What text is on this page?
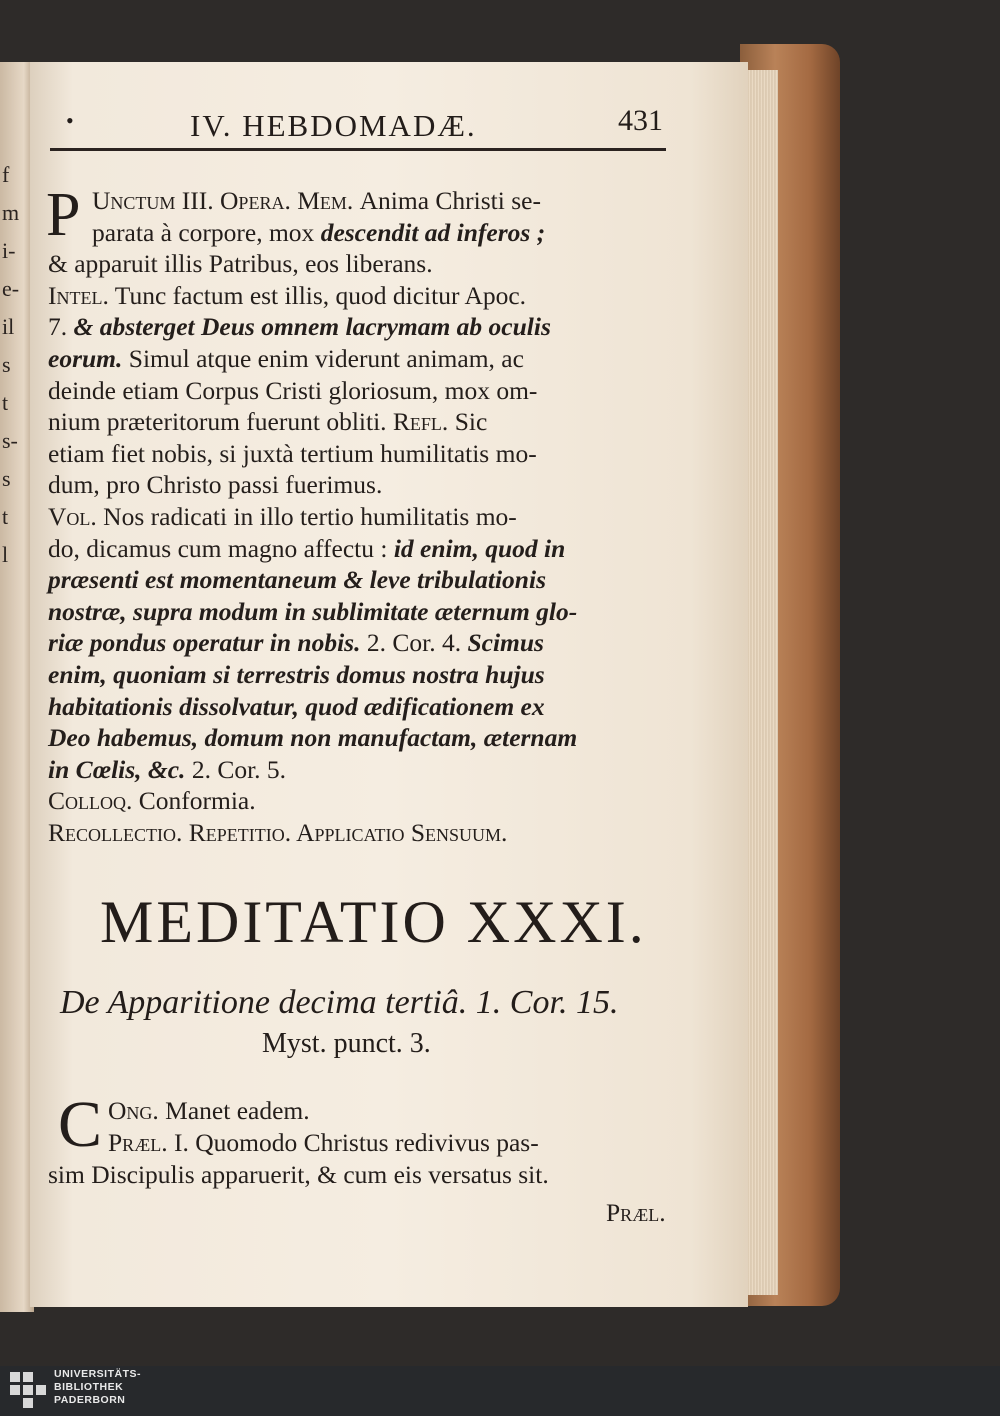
f
m
i-
e-
il
s
t
s-
s
t
l
•	IV. HEBDOMADÆ.	431
P Unctum III. Opera. Mem. Anima Christi se-
parata à corpore, mox descendit ad inferos ;
& apparuit illis Patribus, eos liberans.
Intel. Tunc factum est illis, quod dicitur Apoc.
7. & absterget Deus omnem lacrymam ab oculis
eorum. Simul atque enim viderunt animam, ac
deinde etiam Corpus Cristi gloriosum, mox om-
nium præteritorum fuerunt obliti. Refl. Sic
etiam fiet nobis, si juxtà tertium humilitatis mo-
dum, pro Christo passi fuerimus.
Vol. Nos radicati in illo tertio humilitatis mo-
do, dicamus cum magno affectu : id enim, quod in
præsenti est momentaneum & leve tribulationis
nostræ, supra modum in sublimitate æternum glo-
riæ pondus operatur in nobis. 2. Cor. 4. Scimus
enim, quoniam si terrestris domus nostra hujus
habitationis dissolvatur, quod ædificationem ex
Deo habemus, domum non manufactam, æternam
in Cœlis, &c. 2. Cor. 5.
Colloq. Conformia.
Recollectio. Repetitio. Applicatio Sensuum.
MEDITATIO XXXI.
De Apparitione decima tertiâ. 1. Cor. 15.
Myst. punct. 3.
C Ong. Manet eadem.
Præl. I. Quomodo Christus redivivus pas-
sim Discipulis apparuerit, & cum eis versatus sit.
Præl.
UNIVERSITÄTS-
BIBLIOTHEK
PADERBORN
